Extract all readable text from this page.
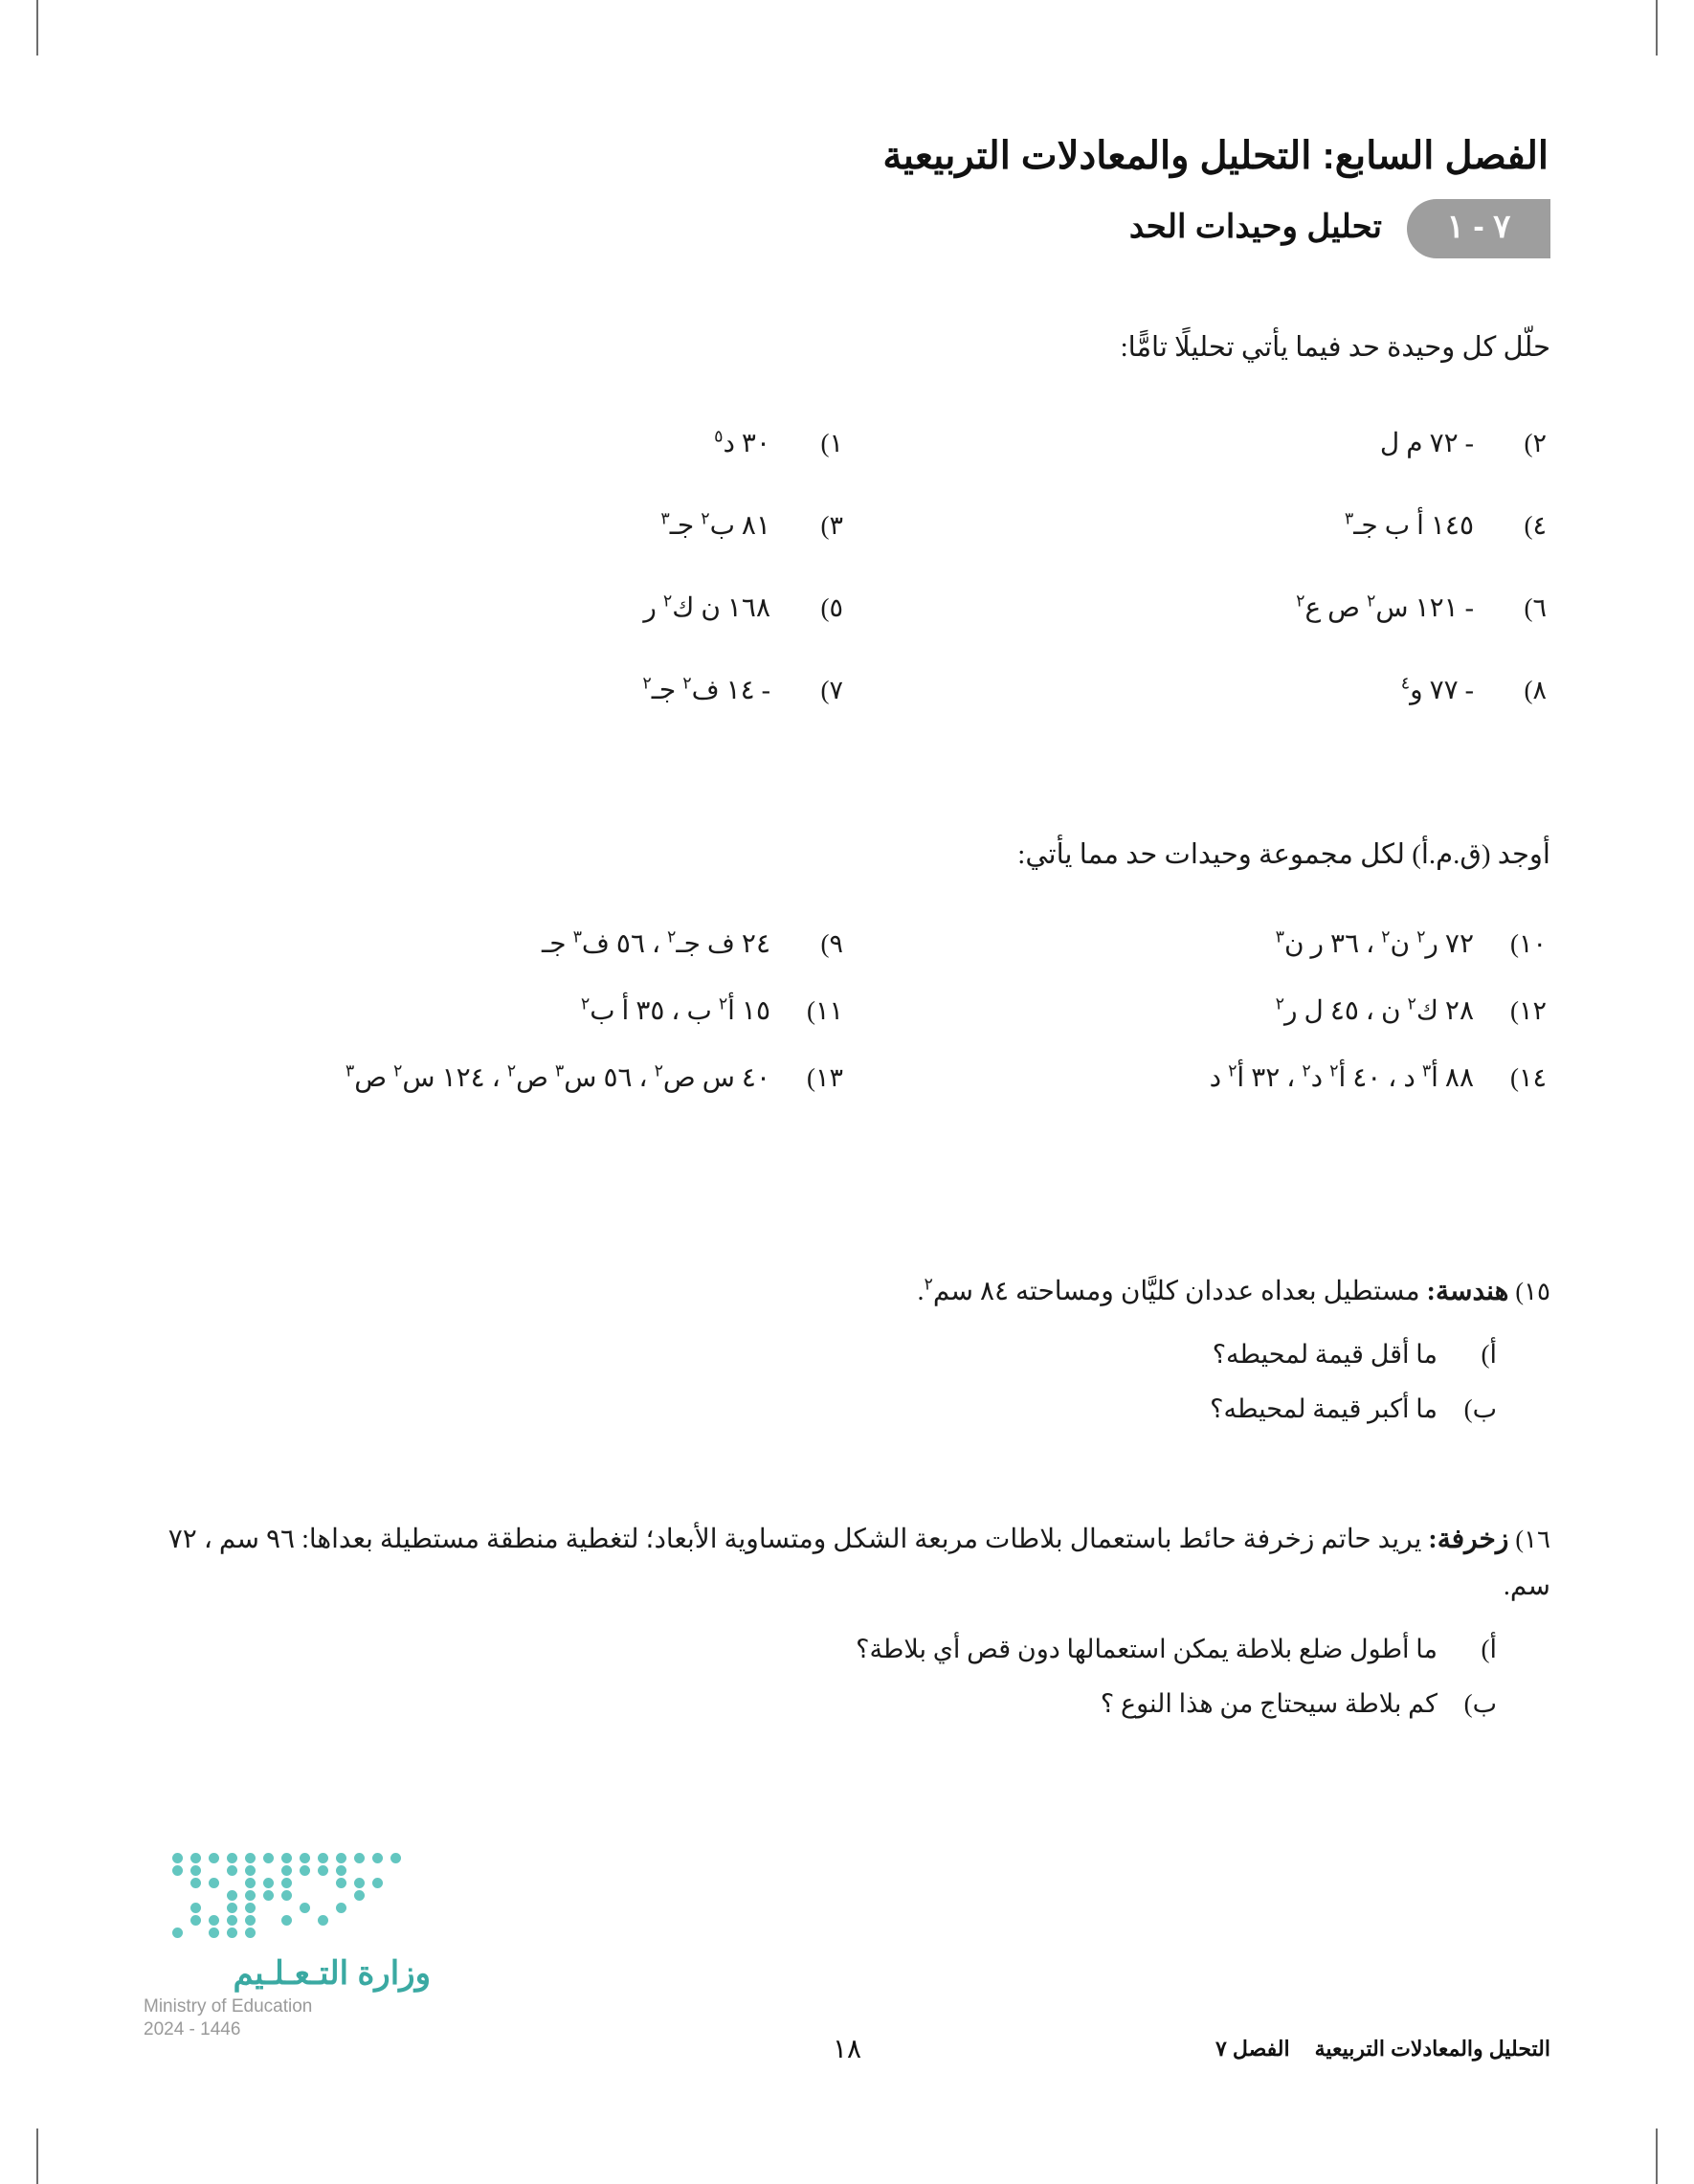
الفصل السابع: التحليل والمعادلات التربيعية
٧ - ١
تحليل وحيدات الحد
حلّل كل وحيدة حد فيما يأتي تحليلًا تامًّا:
٢)
- ٧٢ م ل
١)
٣٠ د$^٥$
٤)
١٤٥ أ ب جـ$^٣$
٣)
٨١ ب$^٢$ جـ$^٣$
٦)
- ١٢١ س$^٢$ ص ع$^٢$
٥)
١٦٨ ن ك$^٢$ ر
٨)
- ٧٧ و$^٤$
٧)
- ١٤ ف$^٢$ جـ$^٢$
أوجد (ق.م.أ) لكل مجموعة وحيدات حد مما يأتي:
١٠)
٧٢ ر$^٢$ ن$^٢$ ، ٣٦ ر ن$^٣$
٩)
٢٤ ف جـ$^٢$ ، ٥٦ ف$^٣$ جـ
١٢)
٢٨ ك$^٢$ ن ، ٤٥ ل ر$^٢$
١١)
١٥ أ$^٢$ ب ، ٣٥ أ ب$^٢$
١٤)
٨٨ أ$^٣$ د ، ٤٠ أ$^٢$ د$^٢$ ، ٣٢ أ$^٢$ د
١٣)
٤٠ س ص$^٢$ ، ٥٦ س$^٣$ ص$^٢$ ، ١٢٤ س$^٢$ ص$^٣$
١٥) هندسة: مستطيل بعداه عددان كليَّان ومساحته ٨٤ سم$^٢$.
أ)
ما أقل قيمة لمحيطه؟
ب)
ما أكبر قيمة لمحيطه؟
١٦) زخرفة: يريد حاتم زخرفة حائط باستعمال بلاطات مربعة الشكل ومتساوية الأبعاد؛ لتغطية منطقة مستطيلة بعداها: ٩٦ سم ، ٧٢ سم.
أ)
ما أطول ضلع بلاطة يمكن استعمالها دون قص أي بلاطة؟
ب)
كم بلاطة سيحتاج من هذا النوع ؟
وزارة التـعـلـيم
Ministry of Education
2024 - 1446
١٨	التحليل والمعادلات التربيعية
الفصل ٧
